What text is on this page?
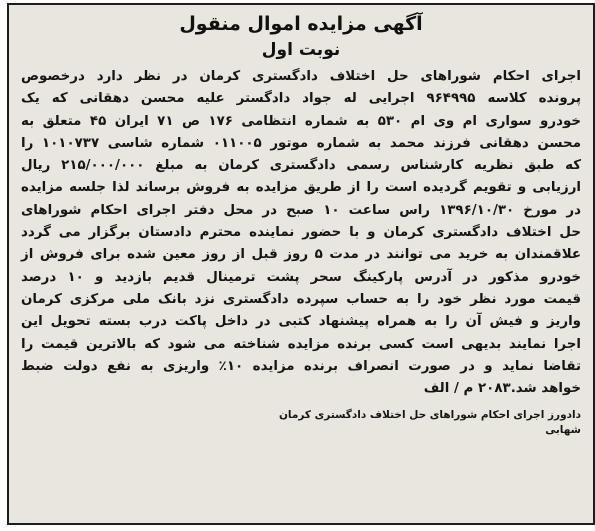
آگهی مزایده اموال منقول
نوبت اول

اجرای احکام شوراهای حل اختلاف دادگستری کرمان در نظر دارد درخصوص
پرونده کلاسه ۹۶۴۹۹۵ اجرایی له جواد دادگستر علیه محسن دهقانی که یک
خودرو سواری ام وی ام ۵۳۰ به شماره انتظامی ۱۷۶ ص ۷۱ ایران ۴۵ متعلق به
محسن دهقانی فرزند محمد به شماره موتور ۰۱۱۰۰۵ شماره شاسی ۱۰۱۰۷۳۷ را
که طبق نظریه کارشناس رسمی دادگستری کرمان به مبلغ ۲۱۵/۰۰۰/۰۰۰ ریال
ارزیابی و تقویم گردیده است را از طریق مزایده به فروش برساند لذا جلسه مزایده
در مورخ ۱۳۹۶/۱۰/۳۰ راس ساعت ۱۰ صبح در محل دفتر اجرای احکام شوراهای
حل اختلاف دادگستری کرمان و با حضور نماینده محترم دادستان برگزار می گردد
علاقمندان به خرید می توانند در مدت ۵ روز قبل از روز معین شده برای فروش از
خودرو مذکور در آدرس پارکینگ سحر پشت ترمینال قدیم بازدید و ۱۰ درصد
قیمت مورد نظر خود را به حساب سپرده دادگستری نزد بانک ملی مرکزی کرمان
واریز و فیش آن را به همراه پیشنهاد کتبی در داخل پاکت درب بسته تحویل این
اجرا نمایند بدیهی است کسی برنده مزایده شناخته می شود که بالاترین قیمت را
تقاضا نماید و در صورت انصراف برنده مزایده ۱۰٪ واریزی به نفع دولت ضبط
خواهد شد.۲۰۸۳ م / الف

دادورز اجرای احکام شوراهای حل اختلاف دادگستری کرمان
شهابی
